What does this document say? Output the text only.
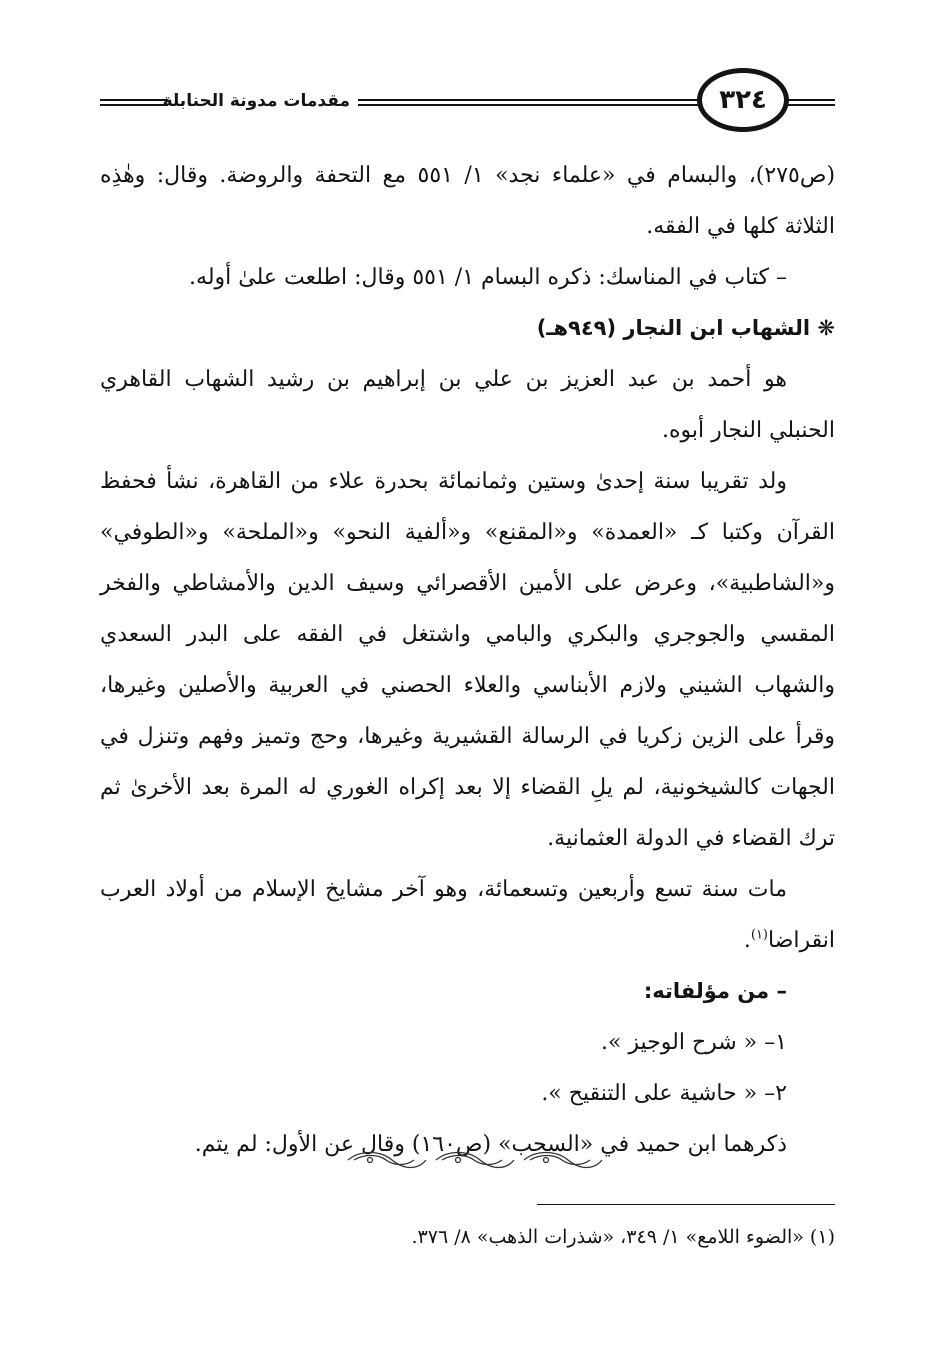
مقدمات مدونة الحنابلة	٣٢٤

(ص٢٧٥)، والبسام في «علماء نجد» ١/ ٥٥١ مع التحفة والروضة. وقال: وهٰذِه الثلاثة كلها في الفقه.

– كتاب في المناسك: ذكره البسام ١/ ٥٥١ وقال: اطلعت علىٰ أوله.

❋ الشهاب ابن النجار (٩٤٩هـ)

هو أحمد بن عبد العزيز بن علي بن إبراهيم بن رشيد الشهاب القاهري الحنبلي النجار أبوه.

ولد تقريبا سنة إحدىٰ وستين وثمانمائة بحدرة علاء من القاهرة، نشأ فحفظ القرآن وكتبا كـ «العمدة» و«المقنع» و«ألفية النحو» و«الملحة» و«الطوفي» و«الشاطبية»، وعرض على الأمين الأقصرائي وسيف الدين والأمشاطي والفخر المقسي والجوجري والبكري والبامي واشتغل في الفقه على البدر السعدي والشهاب الشيني ولازم الأبناسي والعلاء الحصني في العربية والأصلين وغيرها، وقرأ على الزين زكريا في الرسالة القشيرية وغيرها، وحج وتميز وفهم وتنزل في الجهات كالشيخونية، لم يلِ القضاء إلا بعد إكراه الغوري له المرة بعد الأخرىٰ ثم ترك القضاء في الدولة العثمانية.

مات سنة تسع وأربعين وتسعمائة، وهو آخر مشايخ الإسلام من أولاد العرب انقراضا$^{(١)}$.

– من مؤلفاته:

١– « شرح الوجيز ».

٢– « حاشية على التنقيح ».

ذكرهما ابن حميد في «السحب» (ص١٦٠) وقال عن الأول: لم يتم.

(١) «الضوء اللامع» ١/ ٣٤٩، «شذرات الذهب» ٨/ ٣٧٦.
